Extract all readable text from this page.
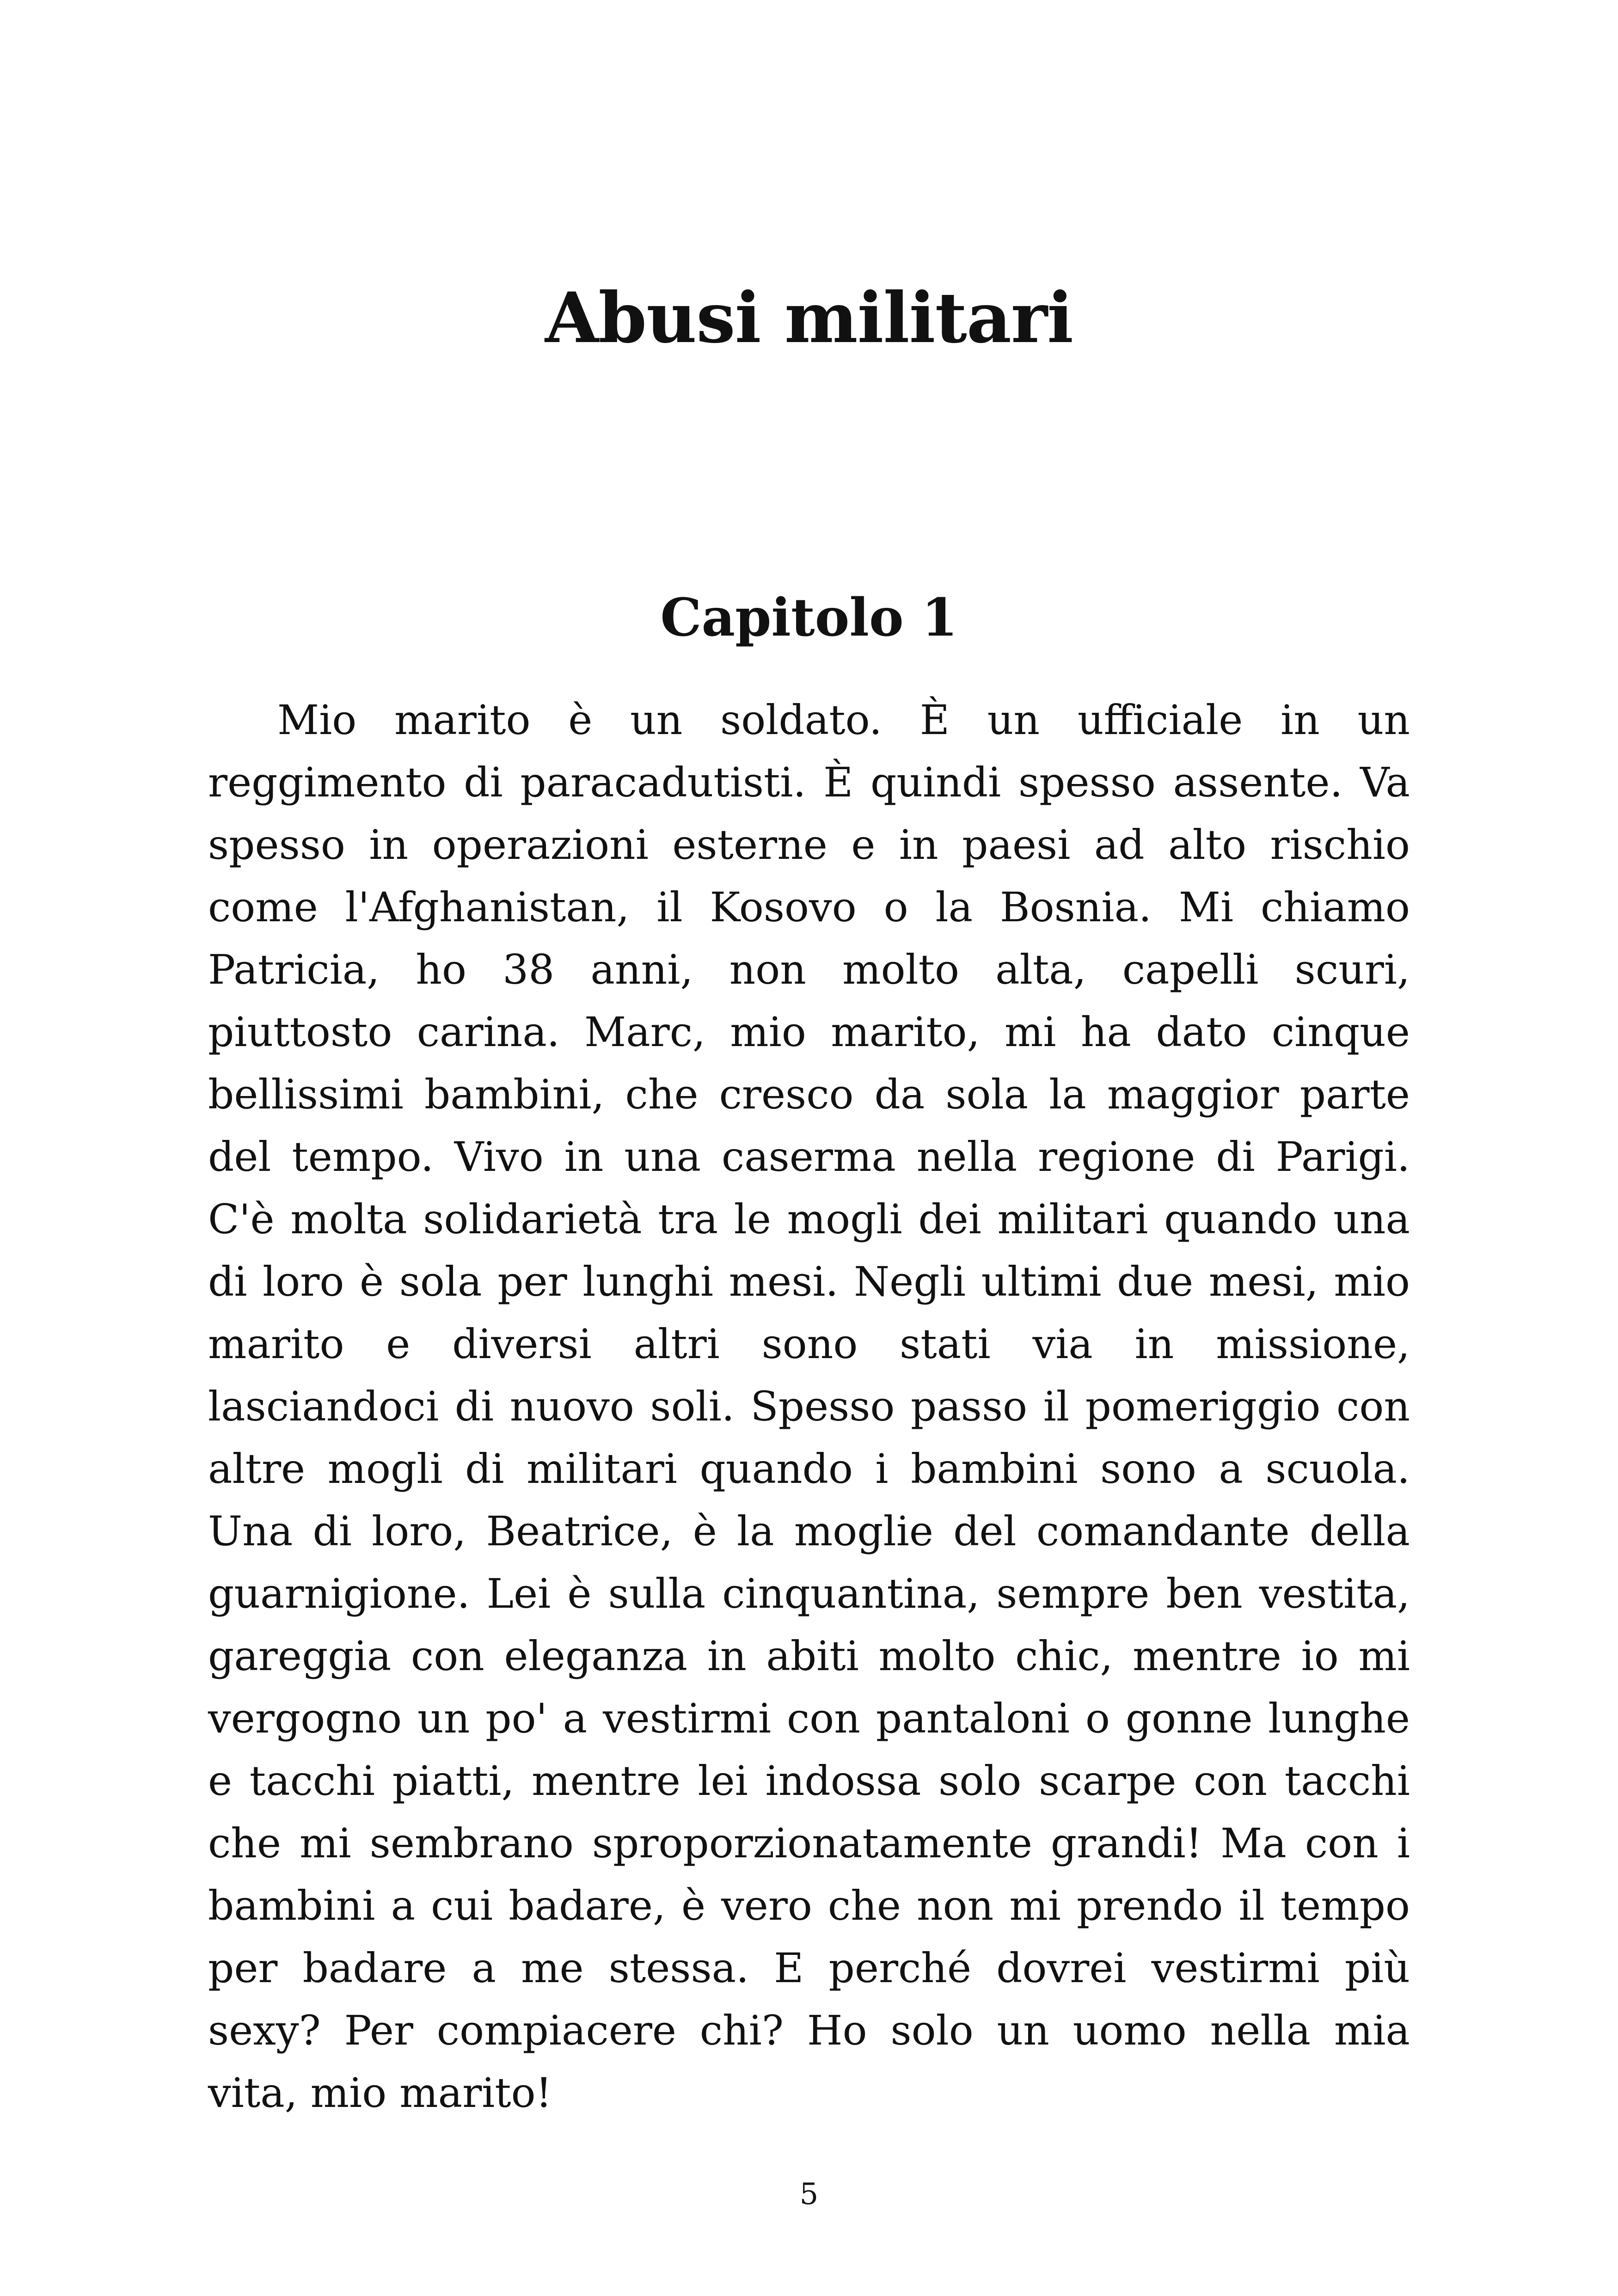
Abusi militari
Capitolo 1

Mio marito è un soldato. È un ufficiale in un reggimento di paracadutisti. È quindi spesso assente. Va spesso in operazioni esterne e in paesi ad alto rischio come l'Afghanistan, il Kosovo o la Bosnia. Mi chiamo Patricia, ho 38 anni, non molto alta, capelli scuri, piuttosto carina. Marc, mio marito, mi ha dato cinque bellissimi bambini, che cresco da sola la maggior parte del tempo. Vivo in una caserma nella regione di Parigi. C'è molta solidarietà tra le mogli dei militari quando una di loro è sola per lunghi mesi. Negli ultimi due mesi, mio marito e diversi altri sono stati via in missione, lasciandoci di nuovo soli. Spesso passo il pomeriggio con altre mogli di militari quando i bambini sono a scuola. Una di loro, Beatrice, è la moglie del comandante della guarnigione. Lei è sulla cinquantina, sempre ben vestita, gareggia con eleganza in abiti molto chic, mentre io mi vergogno un po' a vestirmi con pantaloni o gonne lunghe e tacchi piatti, mentre lei indossa solo scarpe con tacchi che mi sembrano sproporzionatamente grandi! Ma con i bambini a cui badare, è vero che non mi prendo il tempo per badare a me stessa. E perché dovrei vestirmi più sexy? Per compiacere chi? Ho solo un uomo nella mia vita, mio marito!

5
